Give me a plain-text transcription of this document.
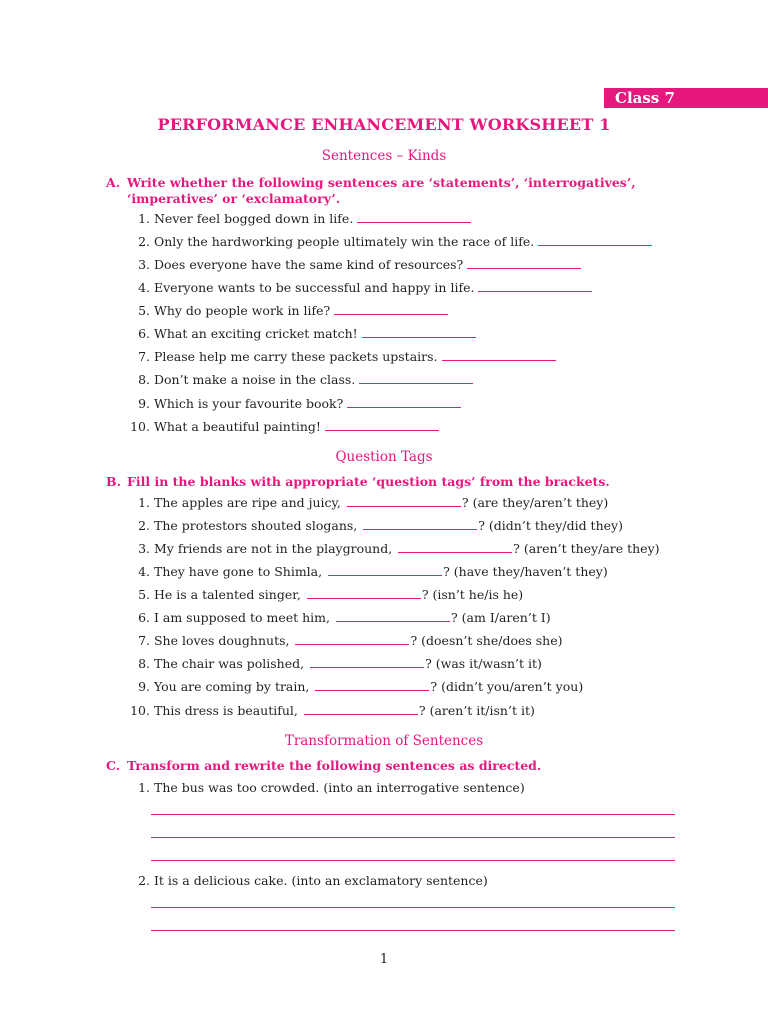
Class 7
PERFORMANCE ENHANCEMENT WORKSHEET 1
Sentences – Kinds
A. Write whether the following sentences are ‘statements’, ‘interrogatives’, ‘imperatives’ or ‘exclamatory’.
1. Never feel bogged down in life.
2. Only the hardworking people ultimately win the race of life.
3. Does everyone have the same kind of resources?
4. Everyone wants to be successful and happy in life.
5. Why do people work in life?
6. What an exciting cricket match!
7. Please help me carry these packets upstairs.
8. Don’t make a noise in the class.
9. Which is your favourite book?
10. What a beautiful painting!
Question Tags
B. Fill in the blanks with appropriate ‘question tags’ from the brackets.
1. The apples are ripe and juicy,	? (are they/aren’t they)
2. The protestors shouted slogans,	? (didn’t they/did they)
3. My friends are not in the playground,	? (aren’t they/are they)
4. They have gone to Shimla,	? (have they/haven’t they)
5. He is a talented singer,	? (isn’t he/is he)
6. I am supposed to meet him,	? (am I/aren’t I)
7. She loves doughnuts,	? (doesn’t she/does she)
8. The chair was polished,	? (was it/wasn’t it)
9. You are coming by train,	? (didn’t you/aren’t you)
10. This dress is beautiful,	? (aren’t it/isn’t it)
Transformation of Sentences
C. Transform and rewrite the following sentences as directed.
1. The bus was too crowded. (into an interrogative sentence)
2. It is a delicious cake. (into an exclamatory sentence)
1
